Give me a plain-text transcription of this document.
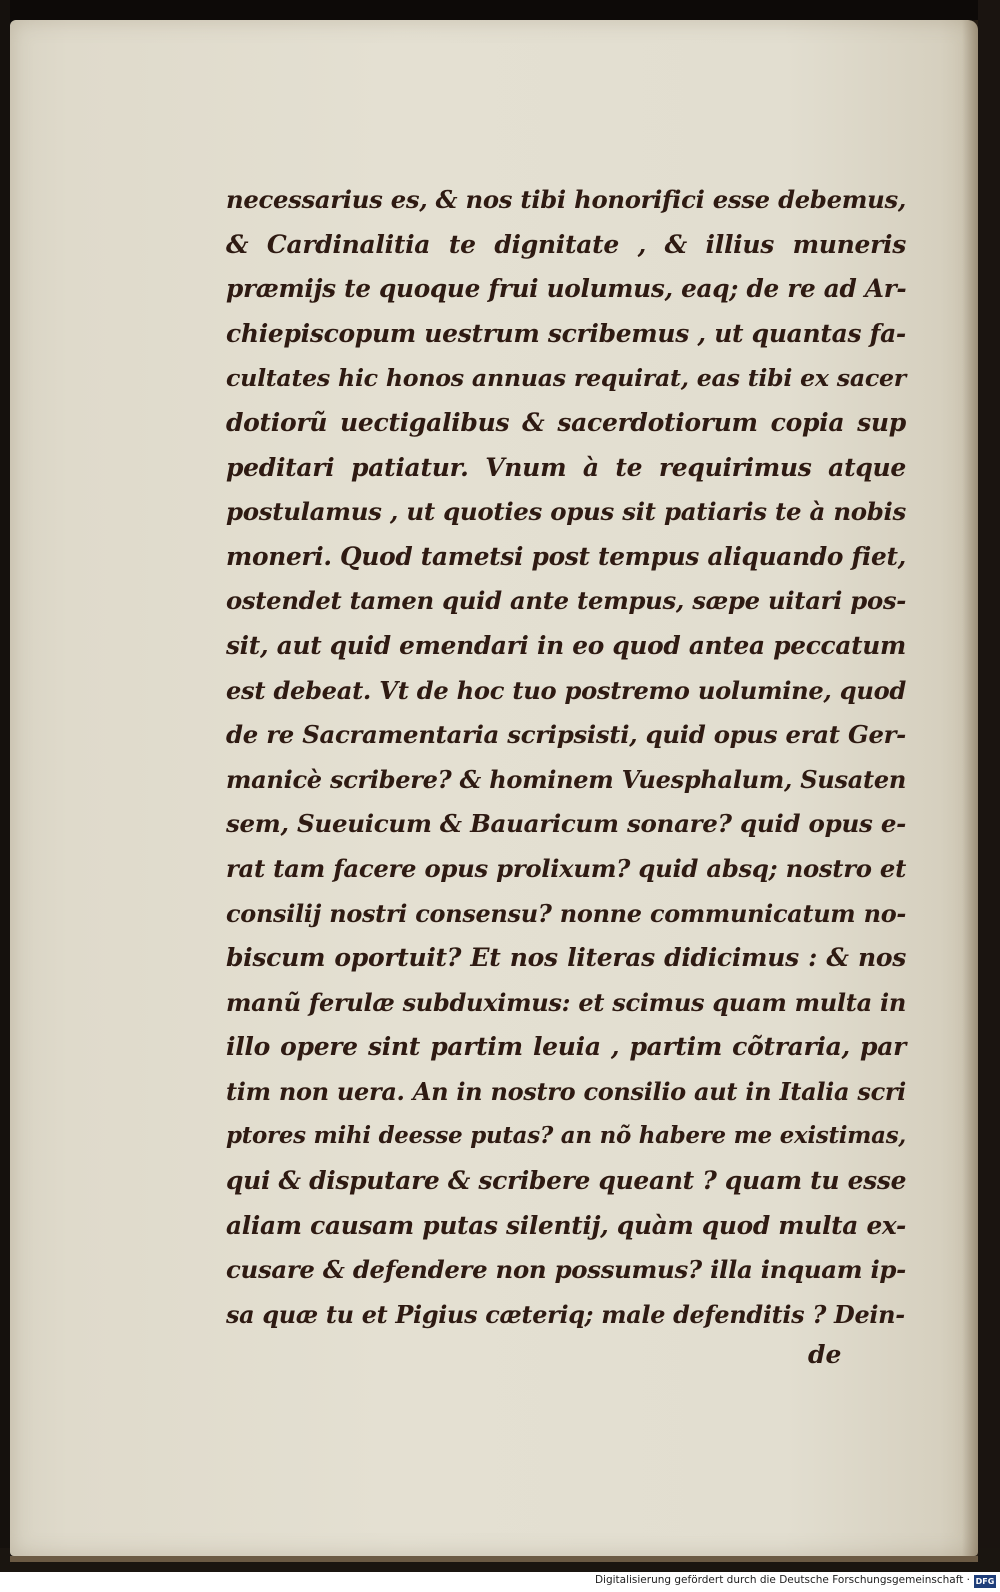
necessarius es, & nos tibi honorifici esse debemus,
& Cardinalitia te dignitate , & illius muneris
præmijs te quoque frui uolumus, eaq; de re ad Ar-
chiepiscopum uestrum scribemus , ut quantas fa-
cultates hic honos annuas requirat, eas tibi ex sacer
dotiorũ uectigalibus & sacerdotiorum copia sup
peditari patiatur. Vnum à te requirimus atque
postulamus , ut quoties opus sit patiaris te à nobis
moneri. Quod tametsi post tempus aliquando fiet,
ostendet tamen quid ante tempus, sæpe uitari pos-
sit, aut quid emendari in eo quod antea peccatum
est debeat. Vt de hoc tuo postremo uolumine, quod
de re Sacramentaria scripsisti, quid opus erat Ger-
manicè scribere? & hominem Vuesphalum, Susaten
sem, Sueuicum & Bauaricum sonare? quid opus e-
rat tam facere opus prolixum? quid absq; nostro et
consilij nostri consensu? nonne communicatum no-
biscum oportuit? Et nos literas didicimus : & nos
manũ ferulæ subduximus: et scimus quam multa in
illo opere sint partim leuia , partim cõtraria, par
tim non uera. An in nostro consilio aut in Italia scri
ptores mihi deesse putas? an nõ habere me existimas,
qui & disputare & scribere queant ? quam tu esse
aliam causam putas silentij, quàm quod multa ex-
cusare & defendere non possumus? illa inquam ip-
sa quæ tu et Pigius cæteriq; male defenditis ? Dein-
de
Digitalisierung gefördert durch die Deutsche Forschungsgemeinschaft · DFG
